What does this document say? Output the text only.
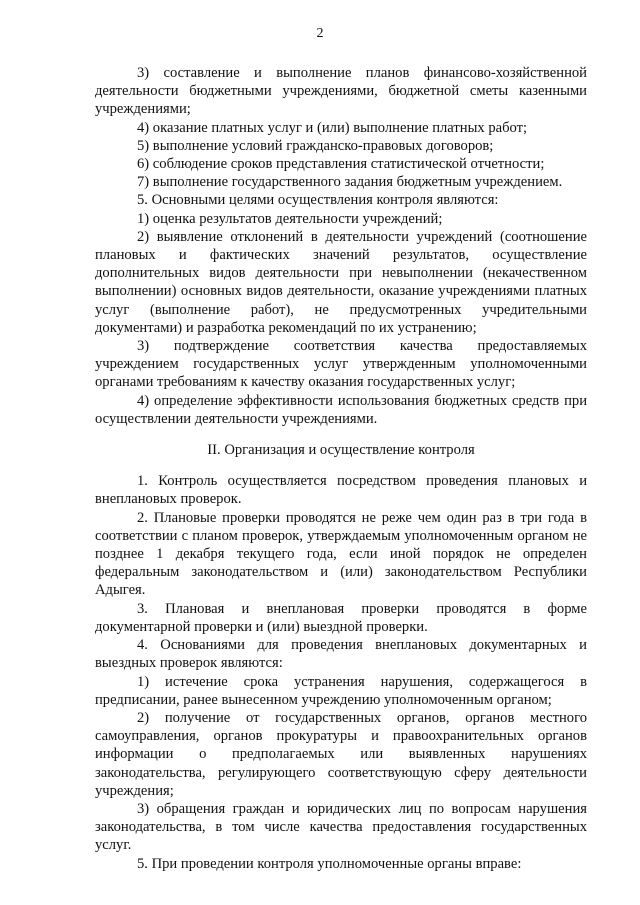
2

3) составление и выполнение планов финансово-хозяйственной деятельности бюджетными учреждениями, бюджетной сметы казенными учреждениями;

4) оказание платных услуг и (или) выполнение платных работ;

5) выполнение условий гражданско-правовых договоров;

6) соблюдение сроков представления статистической отчетности;

7) выполнение государственного задания бюджетным учреждением.

5. Основными целями осуществления контроля являются:

1) оценка результатов деятельности учреждений;

2) выявление отклонений в деятельности учреждений (соотношение плановых и фактических значений результатов, осуществление дополнительных видов деятельности при невыполнении (некачественном выполнении) основных видов деятельности, оказание учреждениями платных услуг (выполнение работ), не предусмотренных учредительными документами) и разработка рекомендаций по их устранению;

3) подтверждение соответствия качества предоставляемых учреждением государственных услуг утвержденным уполномоченными органами требованиям к качеству оказания государственных услуг;

4) определение эффективности использования бюджетных средств при осуществлении деятельности учреждениями.

II. Организация и осуществление контроля

1. Контроль осуществляется посредством проведения плановых и внеплановых проверок.

2. Плановые проверки проводятся не реже чем один раз в три года в соответствии с планом проверок, утверждаемым уполномоченным органом не позднее 1 декабря текущего года, если иной порядок не определен федеральным законодательством и (или) законодательством Республики Адыгея.

3. Плановая и внеплановая проверки проводятся в форме документарной проверки и (или) выездной проверки.

4. Основаниями для проведения внеплановых документарных и выездных проверок являются:

1) истечение срока устранения нарушения, содержащегося в предписании, ранее вынесенном учреждению уполномоченным органом;

2) получение от государственных органов, органов местного самоуправления, органов прокуратуры и правоохранительных органов информации о предполагаемых или выявленных нарушениях законодательства, регулирующего соответствующую сферу деятельности учреждения;

3) обращения граждан и юридических лиц по вопросам нарушения законодательства, в том числе качества предоставления государственных услуг.

5. При проведении контроля уполномоченные органы вправе:
